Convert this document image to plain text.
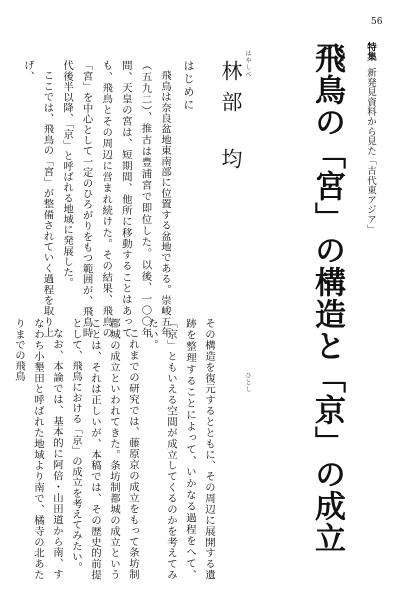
56
特集新発見資料から見た「古代東アジア」
飛鳥の「宮」の構造と「京」の成立
はやしべ
ひとし
林部均
はじめに
飛鳥は奈良盆地東南部に位置する盆地である。崇峻五年（五九二）、推古は豊浦宮で即位した。以後、一〇〇年間、天皇の宮は、短期間、他所に移動することはあっても、飛鳥とその周辺に営まれ続けた。その結果、飛鳥の「宮」を中心として一定のひろがりをもつ範囲が、飛鳥時代後半以降、「京」と呼ばれる地域に発展した。
ここでは、飛鳥の「宮」が整備されていく過程を取り上げ、
その構造を復元するとともに、その周辺に展開する遺跡を整理することによって、いかなる過程をへて、「京」ともいえる空間が成立してくるのかを考えてみたい。
これまでの研究では、藤原京の成立をもって条坊制都城の成立といわれてきた。条坊制都城の成立ということは、それは正しいが、本稿では、その歴史的前提として、飛鳥における「京」の成立を考えてみたい。
なお、本論では、基本的に阿倍・山田道から南、すなわち小墾田と呼ばれた地域より南で、橘寺の北あたりまでの飛鳥
